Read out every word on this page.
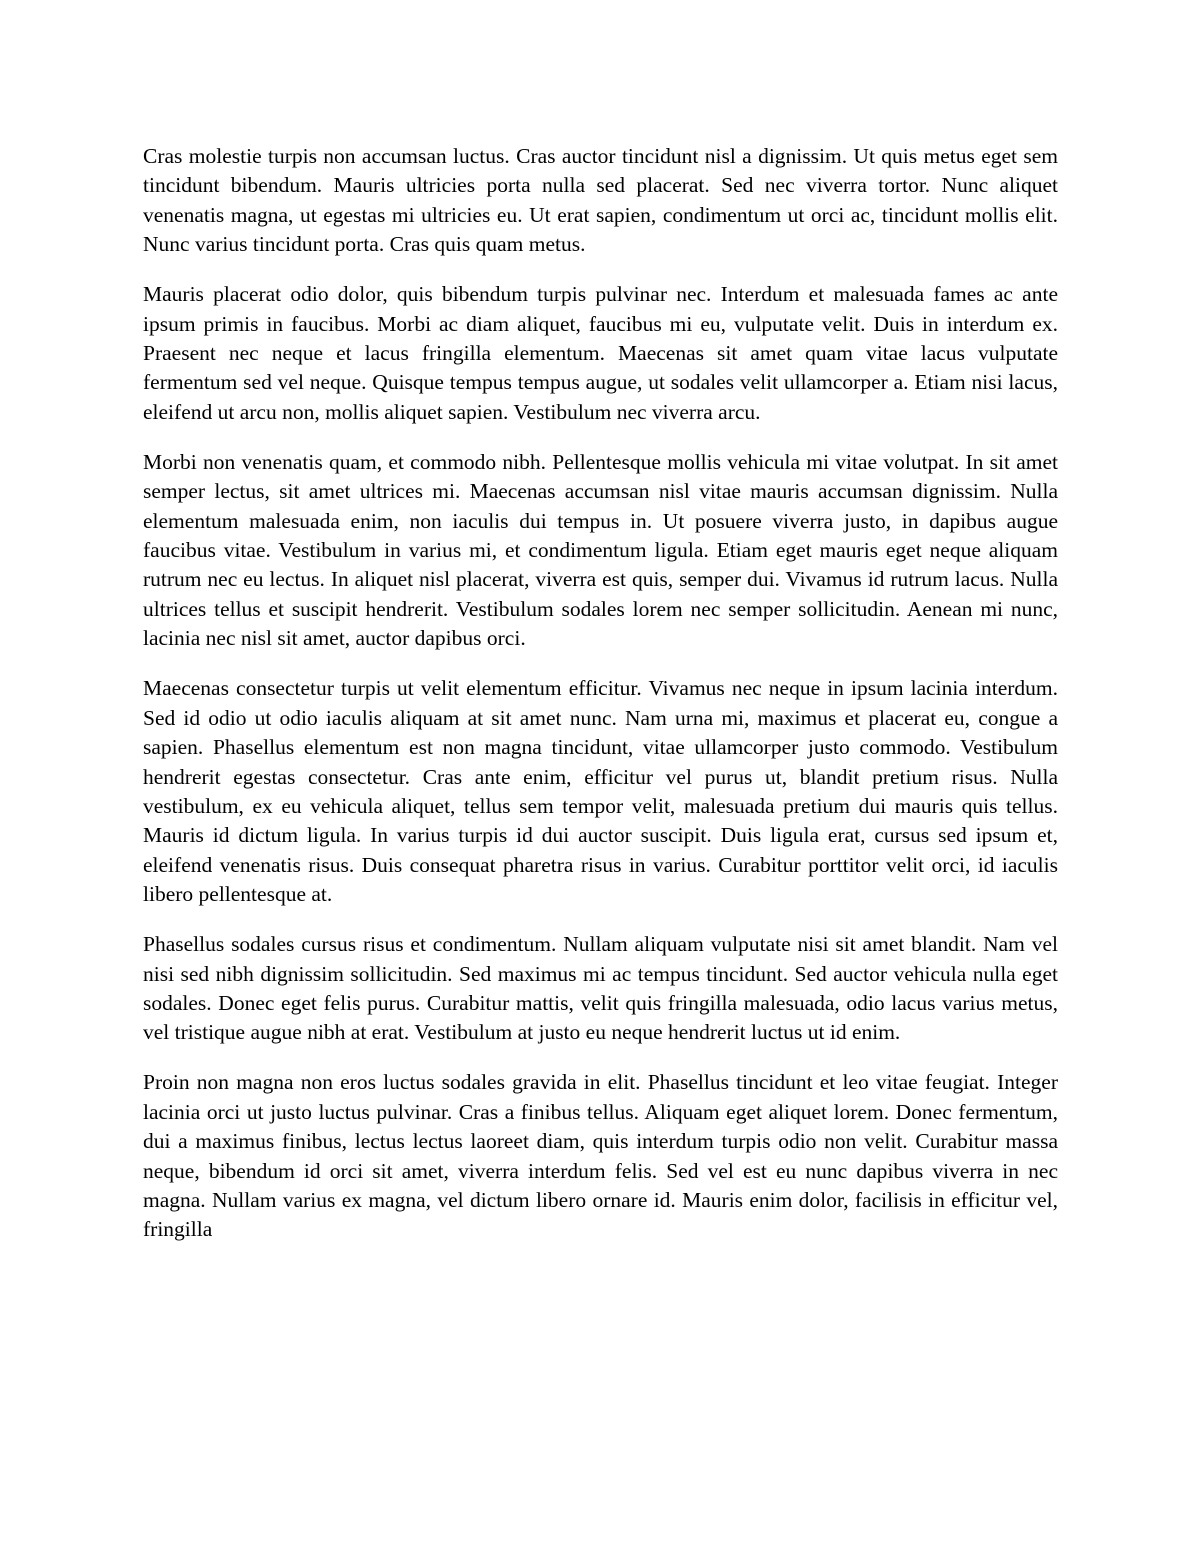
Cras molestie turpis non accumsan luctus. Cras auctor tincidunt nisl a dignissim. Ut quis metus eget sem tincidunt bibendum. Mauris ultricies porta nulla sed placerat. Sed nec viverra tortor. Nunc aliquet venenatis magna, ut egestas mi ultricies eu. Ut erat sapien, condimentum ut orci ac, tincidunt mollis elit. Nunc varius tincidunt porta. Cras quis quam metus.

Mauris placerat odio dolor, quis bibendum turpis pulvinar nec. Interdum et malesuada fames ac ante ipsum primis in faucibus. Morbi ac diam aliquet, faucibus mi eu, vulputate velit. Duis in interdum ex. Praesent nec neque et lacus fringilla elementum. Maecenas sit amet quam vitae lacus vulputate fermentum sed vel neque. Quisque tempus tempus augue, ut sodales velit ullamcorper a. Etiam nisi lacus, eleifend ut arcu non, mollis aliquet sapien. Vestibulum nec viverra arcu.

Morbi non venenatis quam, et commodo nibh. Pellentesque mollis vehicula mi vitae volutpat. In sit amet semper lectus, sit amet ultrices mi. Maecenas accumsan nisl vitae mauris accumsan dignissim. Nulla elementum malesuada enim, non iaculis dui tempus in. Ut posuere viverra justo, in dapibus augue faucibus vitae. Vestibulum in varius mi, et condimentum ligula. Etiam eget mauris eget neque aliquam rutrum nec eu lectus. In aliquet nisl placerat, viverra est quis, semper dui. Vivamus id rutrum lacus. Nulla ultrices tellus et suscipit hendrerit. Vestibulum sodales lorem nec semper sollicitudin. Aenean mi nunc, lacinia nec nisl sit amet, auctor dapibus orci.

Maecenas consectetur turpis ut velit elementum efficitur. Vivamus nec neque in ipsum lacinia interdum. Sed id odio ut odio iaculis aliquam at sit amet nunc. Nam urna mi, maximus et placerat eu, congue a sapien. Phasellus elementum est non magna tincidunt, vitae ullamcorper justo commodo. Vestibulum hendrerit egestas consectetur. Cras ante enim, efficitur vel purus ut, blandit pretium risus. Nulla vestibulum, ex eu vehicula aliquet, tellus sem tempor velit, malesuada pretium dui mauris quis tellus. Mauris id dictum ligula. In varius turpis id dui auctor suscipit. Duis ligula erat, cursus sed ipsum et, eleifend venenatis risus. Duis consequat pharetra risus in varius. Curabitur porttitor velit orci, id iaculis libero pellentesque at.

Phasellus sodales cursus risus et condimentum. Nullam aliquam vulputate nisi sit amet blandit. Nam vel nisi sed nibh dignissim sollicitudin. Sed maximus mi ac tempus tincidunt. Sed auctor vehicula nulla eget sodales. Donec eget felis purus. Curabitur mattis, velit quis fringilla malesuada, odio lacus varius metus, vel tristique augue nibh at erat. Vestibulum at justo eu neque hendrerit luctus ut id enim.

Proin non magna non eros luctus sodales gravida in elit. Phasellus tincidunt et leo vitae feugiat. Integer lacinia orci ut justo luctus pulvinar. Cras a finibus tellus. Aliquam eget aliquet lorem. Donec fermentum, dui a maximus finibus, lectus lectus laoreet diam, quis interdum turpis odio non velit. Curabitur massa neque, bibendum id orci sit amet, viverra interdum felis. Sed vel est eu nunc dapibus viverra in nec magna. Nullam varius ex magna, vel dictum libero ornare id. Mauris enim dolor, facilisis in efficitur vel, fringilla
